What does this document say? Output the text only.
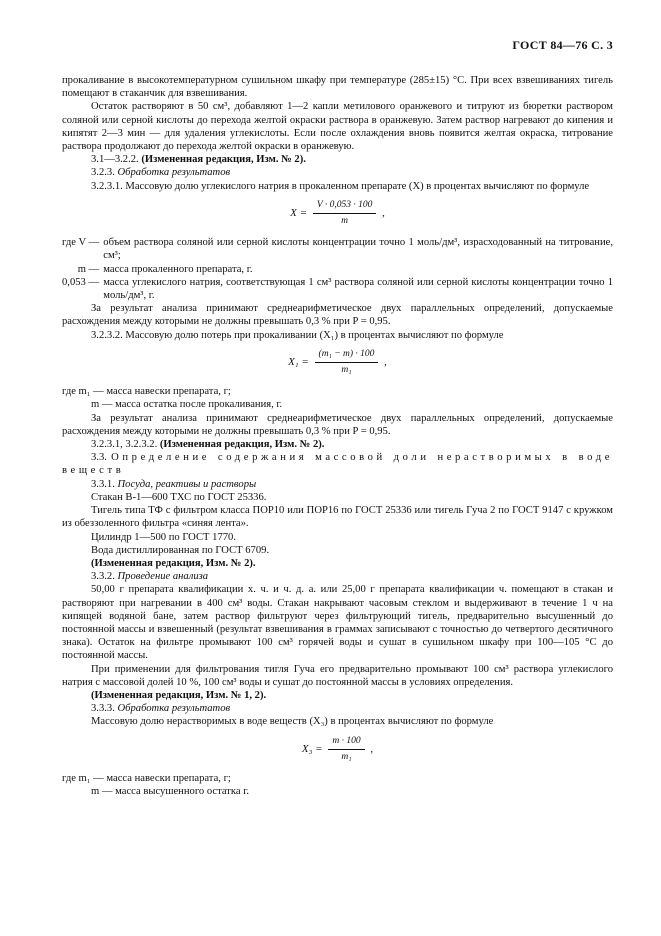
ГОСТ 84—76 С. 3

прокаливание в высокотемпературном сушильном шкафу при температуре (285±15) °С. При всех взвешиваниях тигель помещают в стаканчик для взвешивания.

Остаток растворяют в 50 см³, добавляют 1—2 капли метилового оранжевого и титруют из бюретки раствором соляной или серной кислоты до перехода желтой окраски раствора в оранжевую. Затем раствор нагревают до кипения и кипятят 2—3 мин — для удаления углекислоты. Если после охлаждения вновь появится желтая окраска, титрование раствора продолжают до перехода желтой окраски в оранжевую.

3.1—3.2.2. (Измененная редакция, Изм. № 2).

3.2.3. Обработка результатов

3.2.3.1. Массовую долю углекислого натрия в прокаленном препарате (X) в процентах вычисляют по формуле

$X = \frac{V \cdot 0,053 \cdot 100}{m}$ ,
где V —	объем раствора соляной или серной кислоты концентрации точно 1 моль/дм³, израсходованный на титрование, см³;
m —	масса прокаленного препарата, г.
0,053 —	масса углекислого натрия, соответствующая 1 см³ раствора соляной или серной кислоты концентрации точно 1 моль/дм³, г.

За результат анализа принимают среднеарифметическое двух параллельных определений, допускаемые расхождения между которыми не должны превышать 0,3 % при P = 0,95.

3.2.3.2. Массовую долю потерь при прокаливании (X₁) в процентах вычисляют по формуле

$X_1 = \frac{\text{(m₁ − m) · 100}}{\text{m₁}}$ ,

где m₁ — масса навески препарата, г;

m — масса остатка после прокаливания, г.

За результат анализа принимают среднеарифметическое двух параллельных определений, допускаемые расхождения между которыми не должны превышать 0,3 % при P = 0,95.

3.2.3.1, 3.2.3.2. (Измененная редакция, Изм. № 2).

3.3. Определение содержания массовой доли нерастворимых в воде веществ

3.3.1. Посуда, реактивы и растворы

Стакан В-1—600 ТХС по ГОСТ 25336.

Тигель типа ТФ с фильтром класса ПОР10 или ПОР16 по ГОСТ 25336 или тигель Гуча 2 по ГОСТ 9147 с кружком из обеззоленного фильтра «синяя лента».

Цилиндр 1—500 по ГОСТ 1770.

Вода дистиллированная по ГОСТ 6709.

(Измененная редакция, Изм. № 2).

3.3.2. Проведение анализа

50,00 г препарата квалификации х. ч. и ч. д. а. или 25,00 г препарата квалификации ч. помещают в стакан и растворяют при нагревании в 400 см³ воды. Стакан накрывают часовым стеклом и выдерживают в течение 1 ч на кипящей водяной бане, затем раствор фильтруют через фильтрующий тигель, предварительно высушенный до постоянной массы и взвешенный (результат взвешивания в граммах записывают с точностью до четвертого десятичного знака). Остаток на фильтре промывают 100 см³ горячей воды и сушат в сушильном шкафу при 100—105 °С до постоянной массы.

При применении для фильтрования тигля Гуча его предварительно промывают 100 см³ раствора углекислого натрия с массовой долей 10 %, 100 см³ воды и сушат до постоянной массы в условиях определения.

(Измененная редакция, Изм. № 1, 2).

3.3.3. Обработка результатов

Массовую долю нерастворимых в воде веществ (X₃) в процентах вычисляют по формуле

$X_3 = \frac{m \cdot 100}{\text{m₁}}$ ,

где m₁ — масса навески препарата, г;

m — масса высушенного остатка г.
